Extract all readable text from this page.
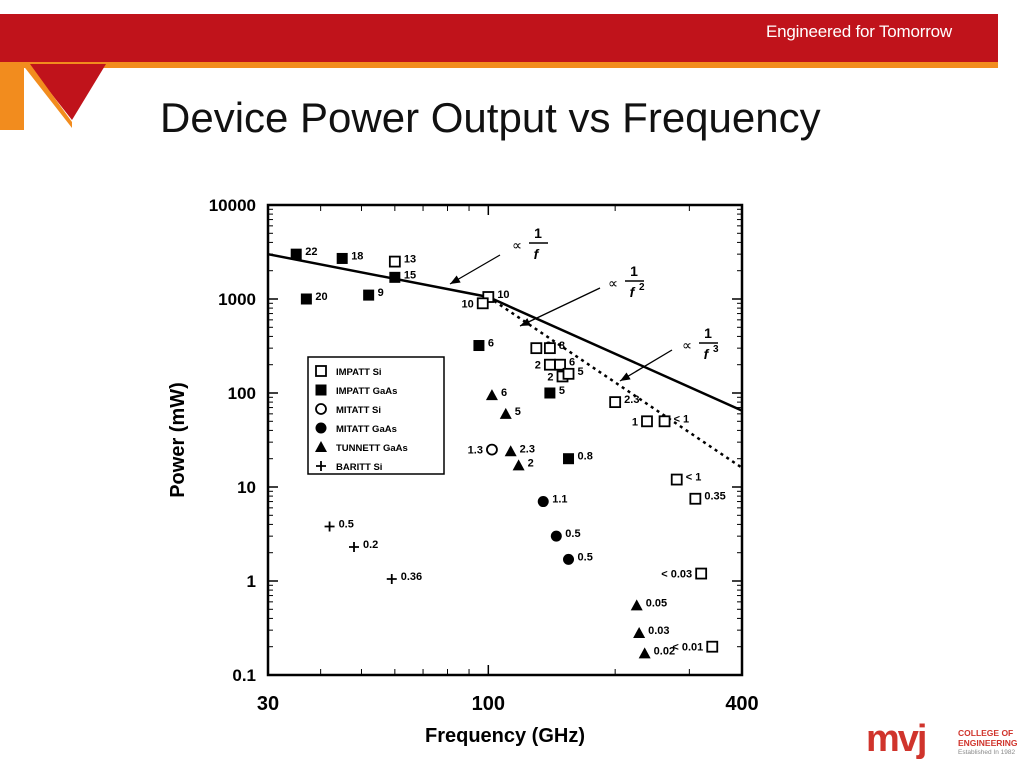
Engineered for Tomorrow
Device Power Output vs Frequency
0.1
1
10
100
1000
10000
30	100	400
Frequency (GHz)
Power (mW)
13
10
10
8
2	6
2 5
2.3
1	< 1
< 1
0.35
< 0.03
< 0.01
22	18
15
20	9
6
5
0.8
1.3
1.1
0.5
0.5
6
5
2.3
2
0.05
0.03
0.02
0.5
0.2
0.36
IMPATT Si
IMPATT GaAs
MITATT Si
MITATT GaAs
TUNNETT GaAs
BARITT Si
∝
1
f
∝
1
f 2
∝
1
f 3
mvj	COLLEGE OF
ENGINEERING
Established In 1982
